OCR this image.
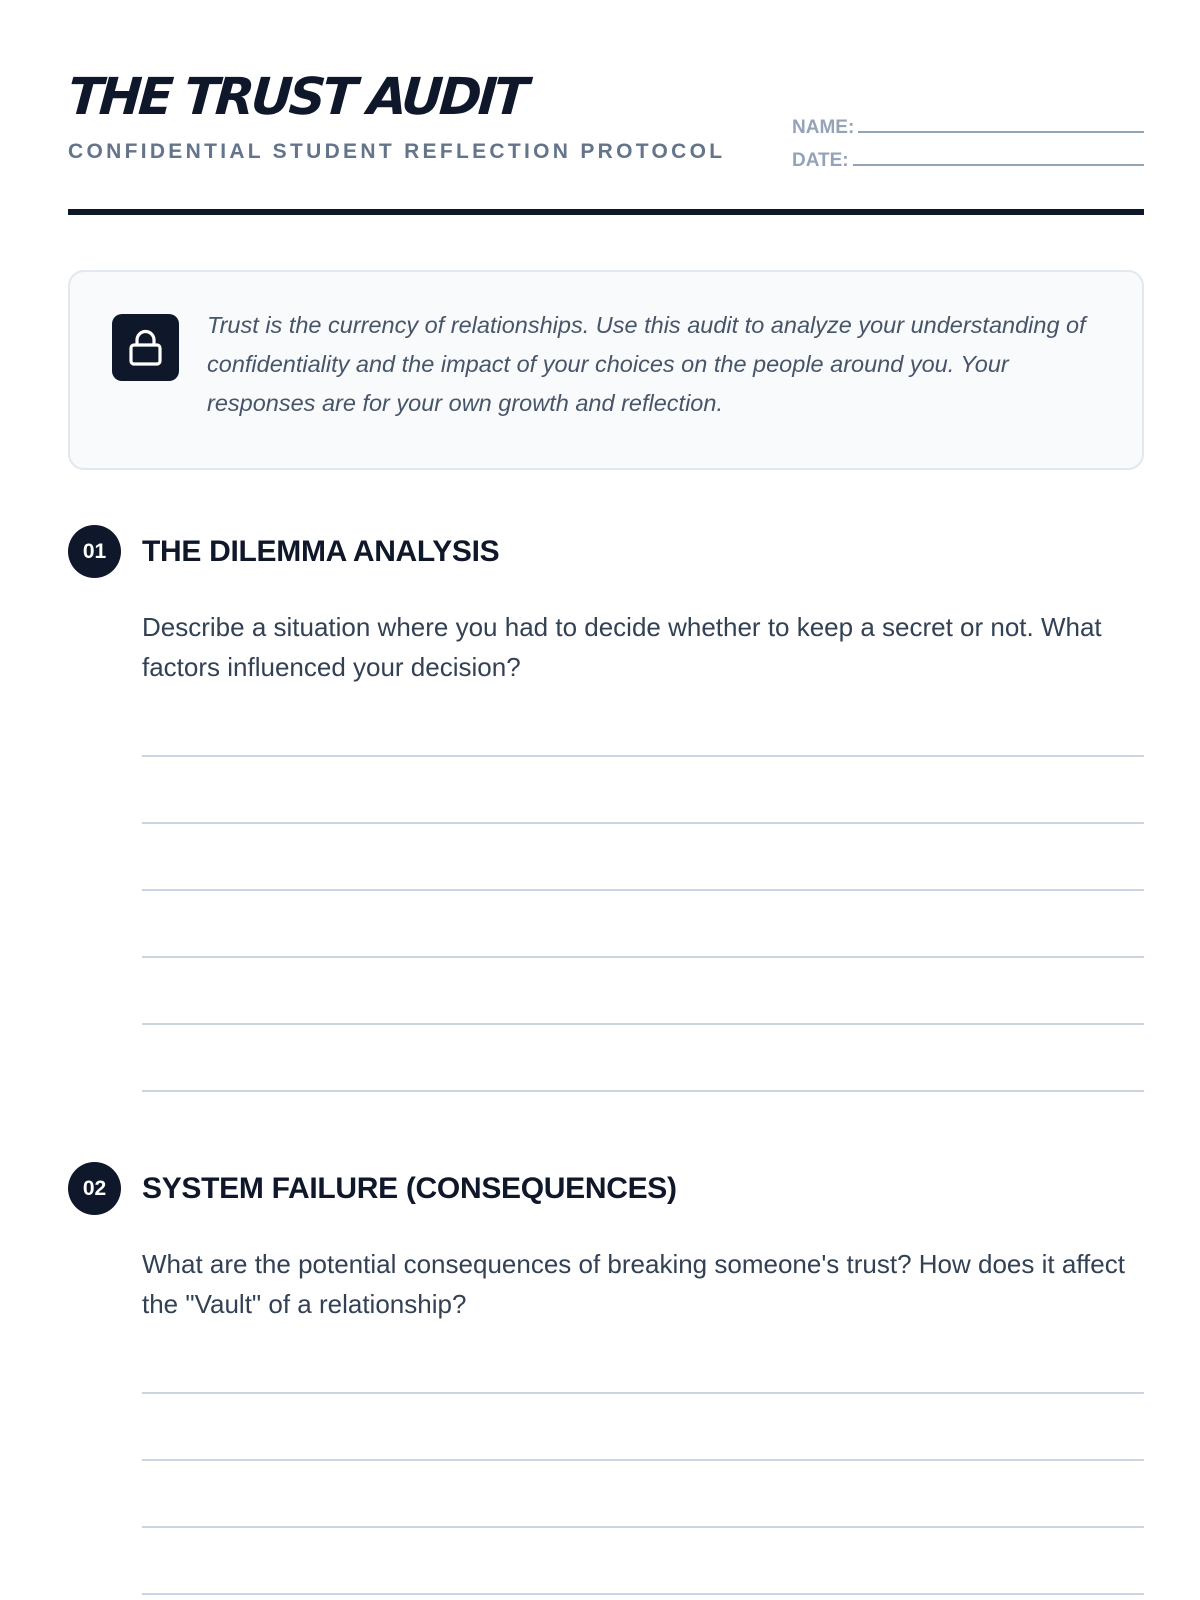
THE TRUST AUDIT
CONFIDENTIAL STUDENT REFLECTION PROTOCOL
NAME:
DATE:
Trust is the currency of relationships. Use this audit to analyze your understanding of confidentiality and the impact of your choices on the people around you. Your responses are for your own growth and reflection.
01	THE DILEMMA ANALYSIS
Describe a situation where you had to decide whether to keep a secret or not. What factors influenced your decision?
02	SYSTEM FAILURE (CONSEQUENCES)
What are the potential consequences of breaking someone's trust? How does it affect the "Vault" of a relationship?
